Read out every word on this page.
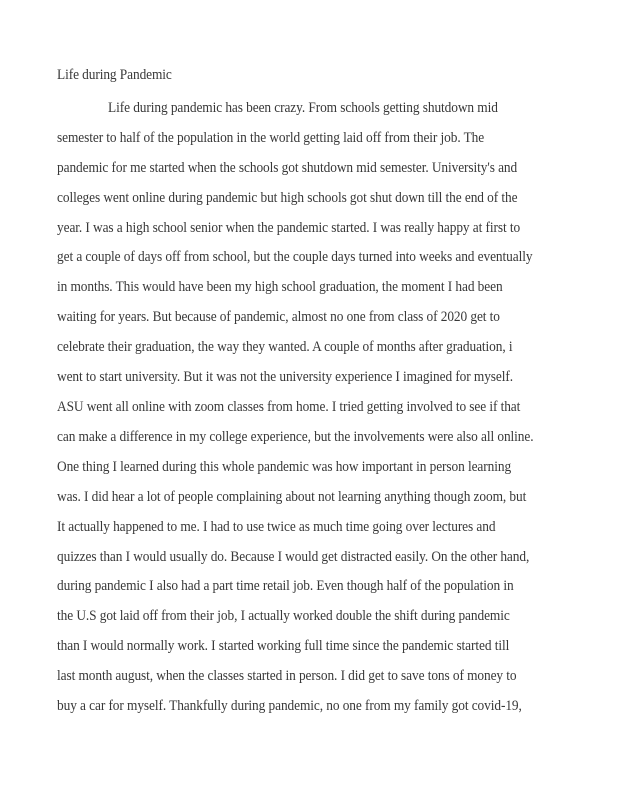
Life during Pandemic
Life during pandemic has been crazy. From schools getting shutdown mid
semester to half of the population in the world getting laid off from their job. The
pandemic for me started when the schools got shutdown mid semester. University's and
colleges went online during pandemic but high schools got shut down till the end of the
year. I was a high school senior when the pandemic started. I was really happy at first to
get a couple of days off from school, but the couple days turned into weeks and eventually
in months. This would have been my high school graduation, the moment I had been
waiting for years. But because of pandemic, almost no one from class of 2020 get to
celebrate their graduation, the way they wanted. A couple of months after graduation, i
went to start university. But it was not the university experience I imagined for myself.
ASU went all online with zoom classes from home. I tried getting involved to see if that
can make a difference in my college experience, but the involvements were also all online.
One thing I learned during this whole pandemic was how important in person learning
was. I did hear a lot of people complaining about not learning anything though zoom, but
It actually happened to me. I had to use twice as much time going over lectures and
quizzes than I would usually do. Because I would get distracted easily. On the other hand,
during pandemic I also had a part time retail job. Even though half of the population in
the U.S got laid off from their job, I actually worked double the shift during pandemic
than I would normally work. I started working full time since the pandemic started till
last month august, when the classes started in person. I did get to save tons of money to
buy a car for myself. Thankfully during pandemic, no one from my family got covid-19,
